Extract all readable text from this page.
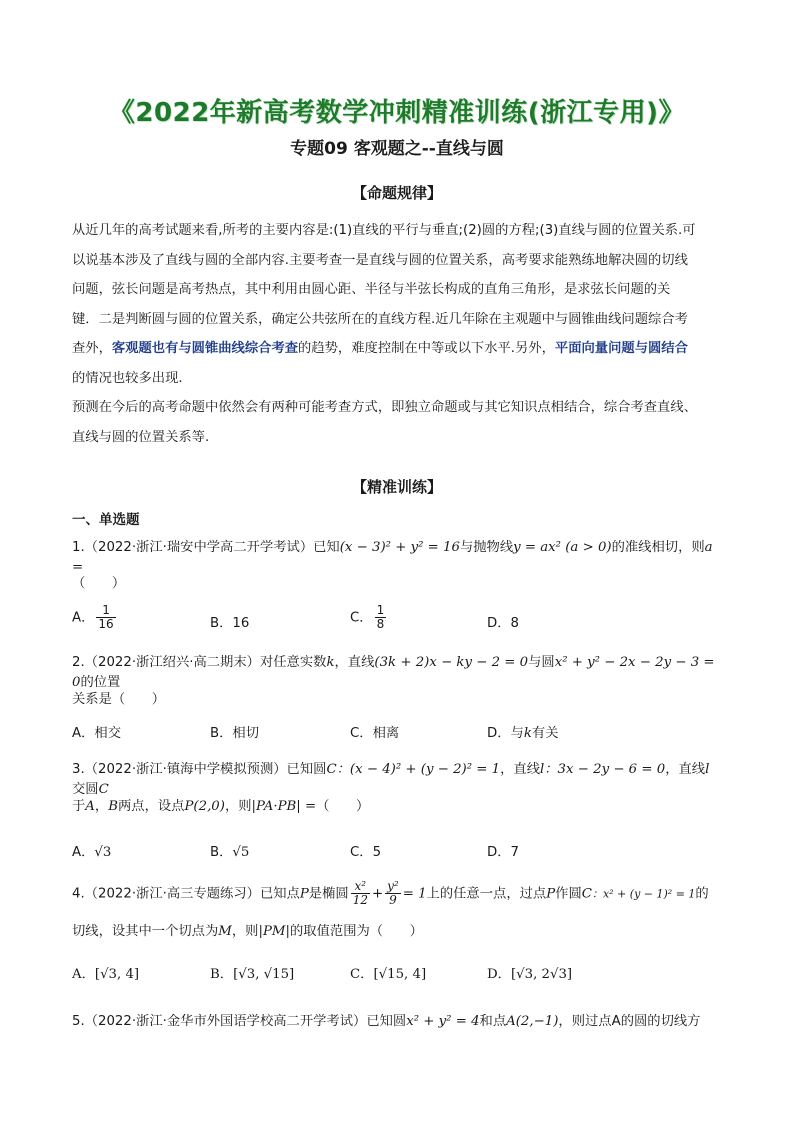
《2022年新高考数学冲刺精准训练(浙江专用)》
专题09 客观题之--直线与圆
【命题规律】
从近几年的高考试题来看,所考的主要内容是:(1)直线的平行与垂直;(2)圆的方程;(3)直线与圆的位置关系.可
以说基本涉及了直线与圆的全部内容.主要考查一是直线与圆的位置关系，高考要求能熟练地解决圆的切线
问题，弦长问题是高考热点，其中利用由圆心距、半径与半弦长构成的直角三角形，是求弦长问题的关
键．二是判断圆与圆的位置关系，确定公共弦所在的直线方程.近几年除在主观题中与圆锥曲线问题综合考
查外，客观题也有与圆锥曲线综合考查的趋势，难度控制在中等或以下水平.另外，平面向量问题与圆结合
的情况也较多出现.
预测在今后的高考命题中依然会有两种可能考查方式，即独立命题或与其它知识点相结合，综合考查直线、
直线与圆的位置关系等.
【精准训练】
一、单选题
1.（2022·浙江·瑞安中学高二开学考试）已知(x − 3)² + y² = 16与抛物线y = ax² (a > 0)的准线相切，则a =
（　　）
A． $\frac{1}{16}$	B．16	C． $\frac{1}{8}$	D．8
2.（2022·浙江绍兴·高二期末）对任意实数k，直线(3k + 2)x − ky − 2 = 0与圆x² + y² − 2x − 2y − 3 = 0的位置
关系是（　　）
A．相交	B．相切	C．相离	D．与k有关
3.（2022·浙江·镇海中学模拟预测）已知圆C：(x − 4)² + (y − 2)² = 1，直线l：3x − 2y − 6 = 0，直线l交圆C
于A，B两点，设点P(2,0)，则|PA·PB| =（　　）
A．√3	B．√5	C．5	D．7
4.（2022·浙江·高三专题练习）已知点P是椭圆 $\frac{\text{x²}}{12} + \frac{\text{y²}}{9} = 1$上的任意一点，过点P作圆C：x² + (y − 1)² = 1的
切线，设其中一个切点为M，则|PM|的取值范围为（　　）
A．[√3, 4]	B．[√3, √15]	C．[√15, 4]	D．[√3, 2√3]
5.（2022·浙江·金华市外国语学校高二开学考试）已知圆x² + y² = 4和点A(2,−1)，则过点A的圆的切线方
